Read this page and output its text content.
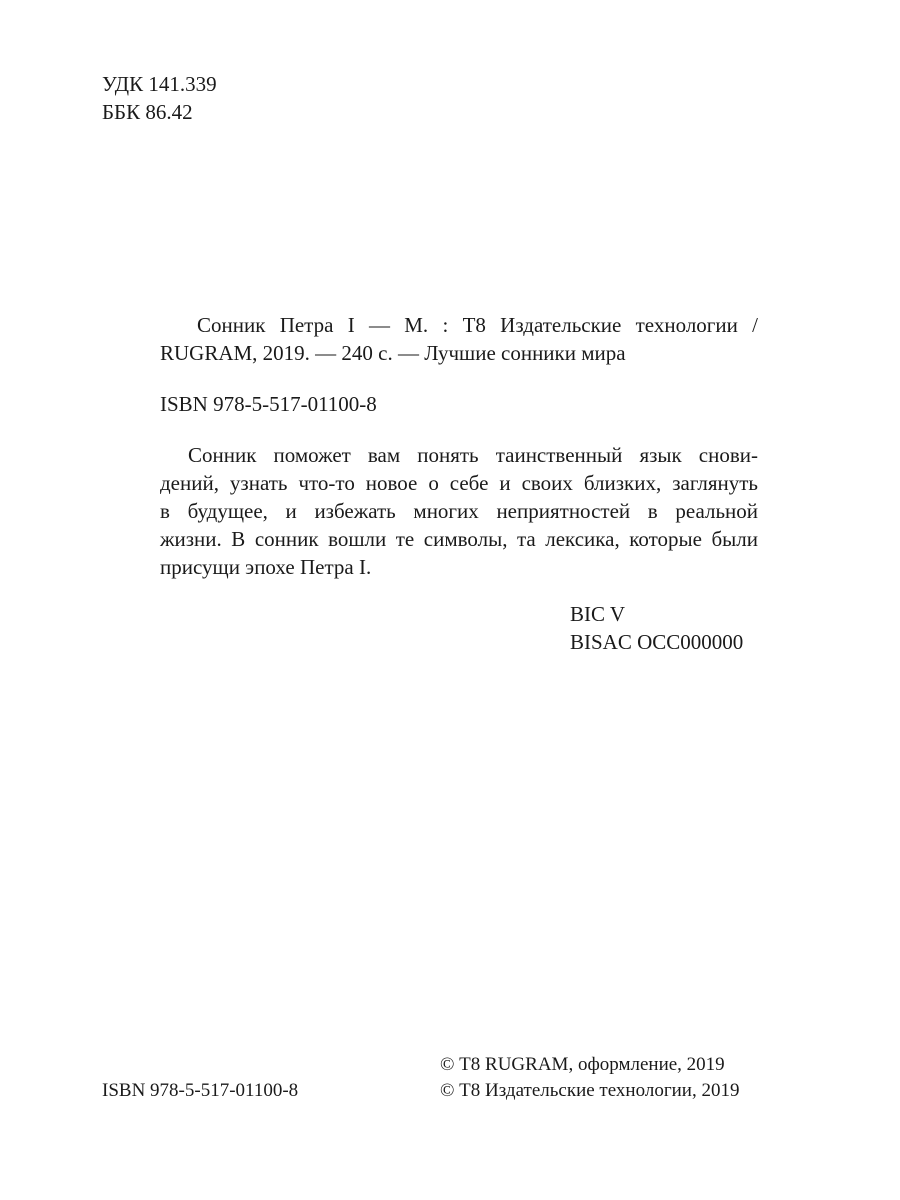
УДК 141.339
ББК 86.42
Сонник Петра I — М. : Т8 Издательские технологии /
RUGRAM, 2019. — 240 с. — Лучшие сонники мира
ISBN 978-5-517-01100-8
Сонник поможет вам понять таинственный язык снови-
дений, узнать что-то новое о себе и своих близких, заглянуть
в будущее, и избежать многих неприятностей в реальной
жизни. В сонник вошли те символы, та лексика, которые были
присущи эпохе Петра I.
BIC V
BISAC OCC000000
ISBN 978-5-517-01100-8
© Т8 RUGRAM, оформление, 2019
© Т8 Издательские технологии, 2019
